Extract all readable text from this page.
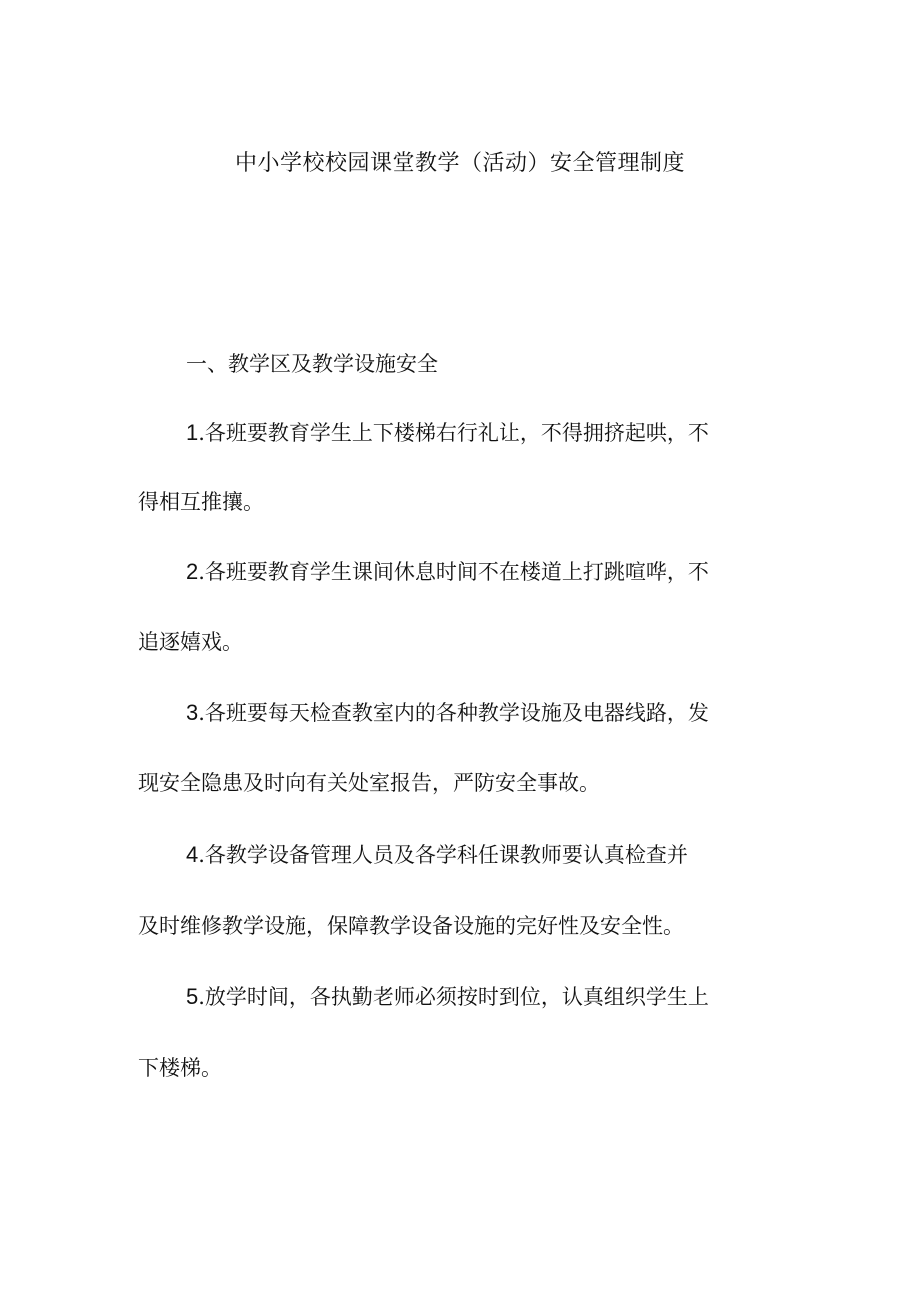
中小学校校园课堂教学（活动）安全管理制度
一、教学区及教学设施安全
1.各班要教育学生上下楼梯右行礼让，不得拥挤起哄，不
得相互推攘。
2.各班要教育学生课间休息时间不在楼道上打跳喧哗，不
追逐嬉戏。
3.各班要每天检查教室内的各种教学设施及电器线路，发
现安全隐患及时向有关处室报告，严防安全事故。
4.各教学设备管理人员及各学科任课教师要认真检查并
及时维修教学设施，保障教学设备设施的完好性及安全性。
5.放学时间，各执勤老师必须按时到位，认真组织学生上
下楼梯。
